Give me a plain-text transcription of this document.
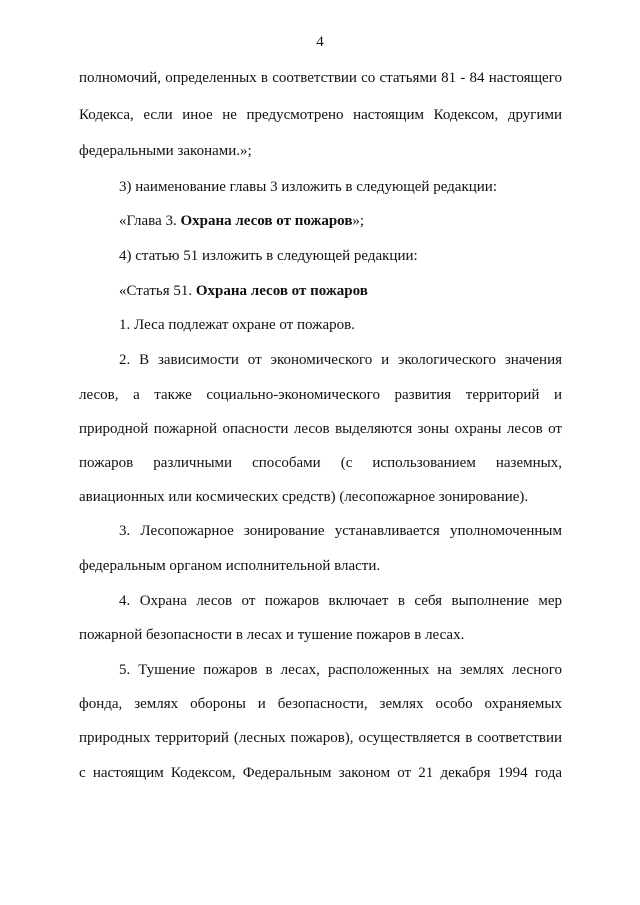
4
полномочий, определенных в соответствии со статьями 81 - 84 настоящего
Кодекса, если иное не предусмотрено настоящим Кодексом, другими
федеральными законами.»;
3) наименование главы 3 изложить в следующей редакции:
«Глава 3. Охрана лесов от пожаров»;
4) статью 51 изложить в следующей редакции:
«Статья 51. Охрана лесов от пожаров
1. Леса подлежат охране от пожаров.
2. В зависимости от экономического и экологического значения
лесов, а также социально-экономического развития территорий и
природной пожарной опасности лесов выделяются зоны охраны лесов от
пожаров различными способами (с использованием наземных,
авиационных или космических средств) (лесопожарное зонирование).
3. Лесопожарное зонирование устанавливается уполномоченным
федеральным органом исполнительной власти.
4. Охрана лесов от пожаров включает в себя выполнение мер
пожарной безопасности в лесах и тушение пожаров в лесах.
5. Тушение пожаров в лесах, расположенных на землях лесного
фонда, землях обороны и безопасности, землях особо охраняемых
природных территорий (лесных пожаров), осуществляется в соответствии
с настоящим Кодексом, Федеральным законом от 21 декабря 1994 года
